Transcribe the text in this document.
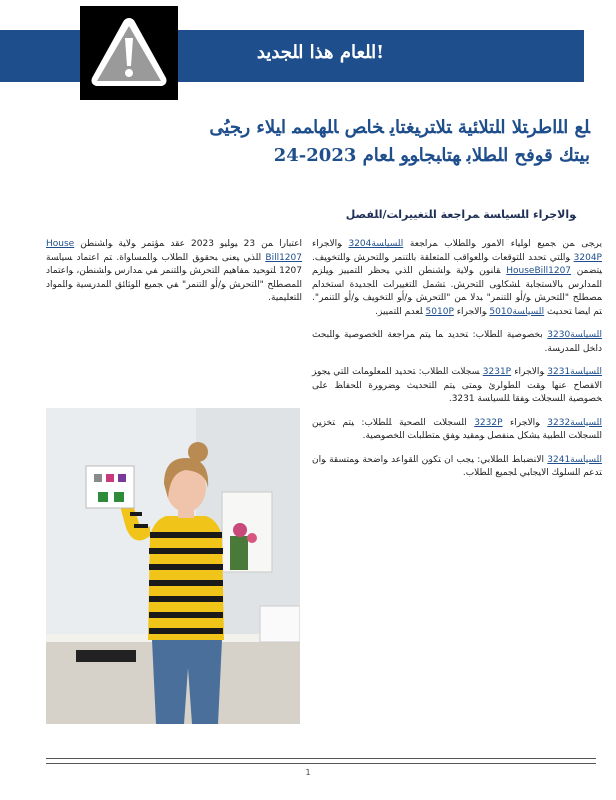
!ﺍﻠﻌﺎﻡ ﻫﺬﺍ ﺍﻠﺠﺪﻳﺪ
ﻠﻊ ﺍﻠﺍﻃﺮﺘﻼ ﺍﻠﺘﻼﺌﻴﺔ ﺘﻼﺘﺮﻴﻐﺘﺎﻳ ﺨﺎﺺ ﺎﻠﻬﺎﻤﻤ ﺍﻴﻠﺎﺀ ﺭﺠﻴُﻰ
ﺑﻴﺘﻚ ﻗﻮﻓﺢ ﺍﻠﻄﻼﺑ ﻬﺘﺎﺒﺠﺎﻮﻮ ﻠﻌﺎﻡ 2023-24
ﻮﺍﻻﺟﺮﺍﺀ ﺍﻠﺴﻴﺎﺴﺔ ﻤﺮﺍﺟﻌﺔ ﺍﻠﺘﻐﻴﻴﺮﺍﺖ/ﺍﻠﻔﺼﻞ

ﻳﺮﺠﻰ ﻤﻦ ﺠﻤﻴﻊ ﺍﻮﻠﻴﺎﺀ ﺍﻻﻤﻮﺭ ﻮﺍﻠﻄﻼﺏ ﻤﺮﺍﺠﻌﺔ ﺍﻠﺴﻴﺎﺴﺔ3204 ﻮﺍﻻﺠﺮﺍﺀ 3204P ﻮﺍﻠﺘﻲ ﺘﺤﺪﺪ ﺍﻠﺘﻮﻗﻌﺎﺕ ﻮﺍﻠﻌﻮﺍﻗﺐ ﺍﻠﻤﺘﻌﻠﻘﺔ ﺑﺎﻠﺘﻨﻤﺮ ﻮﺍﻠﺘﺤﺮﺶ ﻮﺍﻠﺘﺨﻮﻴﻒ. ﻴﺘﻀﻤﻦ HouseBill1207 ﻘﺎﻨﻮﻦ ﻮﻻﻴﺔ ﻮﺍﺸﻨﻄﻦ ﺍﻠﺬﻲ ﻴﺤﻈﺮ ﺍﻠﺘﻤﻴﻴﺰ ﻮﻴﻠﺰﻢ ﺍﻠﻤﺪﺍﺮﺱ ﺒﺎﻻﺴﺘﺠﺎﺒﺔ ﻠﺸﻜﺎﻮﻰ ﺍﻠﺘﺤﺮﺶ. ﺘﺸﻤﻞ ﺍﻠﺘﻐﻴﻴﺮﺍﺖ ﺍﻠﺠﺪﻴﺪﺓ ﺍﺴﺘﺨﺪﺍﻢ ﻤﺼﻄﻠﺢ "ﺍﻠﺘﺤﺮﺶ ﻮ/ﺃﻮ ﺍﻠﺘﻨﻤﺮ" ﺒﺪﻻ ﻤﻦ "ﺍﻠﺘﺤﺮﺶ ﻮ/ﺃﻮ ﺍﻠﺘﺨﻮﻴﻒ ﻮ/ﺃﻮ ﺍﻠﺘﻨﻤﺮ". ﺘﻢ ﺍﻴﻀﺎ ﺘﺤﺪﻴﺚ ﺍﻠﺴﻴﺎﺴﺔ5010 ﻮﺍﻻﺠﺮﺍﺀ 5010P ﻠﻌﺪﻢ ﺍﻠﺘﻤﻴﻴﺰ.

ﺍﻠﺴﻴﺎﺴﺔ3230 ﺑﺨﺼﻮﺻﻴﺔ ﺍﻠﻄﻼﺏ: ﺘﺤﺪﻳﺪ ﻤﺎ ﻴﺘﻢ ﻤﺮﺍﺟﻌﺔ ﺍﻠﺨﺼﻮﺻﻴﺔ ﻮﺍﻠﺒﺤﺚ ﺩﺍﺨﻞ ﺍﻠﻤﺪﺭﺴﺔ.

ﺍﻠﺴﻴﺎﺴﺔ3231 ﻮﺍﻻﺠﺮﺍﺀ 3231P ﺴﺠﻼﺖ ﺍﻠﻄﻼﺏ: ﺘﺤﺪﻴﺪ ﺍﻠﻤﻌﻠﻮﻤﺎﺖ ﺍﻠﺘﻲ ﻴﺠﻮﺰ ﺍﻻﻔﺼﺎﺡ ﻋﻨﻬﺎ ﻮﻘﺖ ﺍﻠﻄﻮﺍﺮﺉ ﻮﻤﺘﻰ ﻴﺘﻢ ﺍﻠﺘﺤﺪﻴﺚ ﻮﻀﺮﻮﺮﺓ ﺍﻠﺤﻔﺎﻆ ﻋﻠﻰ ﺨﺼﻮﺼﻴﺔ ﺍﻠﺴﺠﻼﺖ ﻮﻔﻘﺎ ﻠﻠﺴﻴﺎﺴﺔ 3231.

ﺍﻠﺴﻴﺎﺴﺔ3232 ﻮﺍﻻﺠﺮﺍﺀ 3232P ﺍﻠﺴﺠﻼﺖ ﺍﻠﺼﺤﻴﺔ ﻠﻠﻄﻼﺏ: ﻴﺘﻢ ﺘﺨﺰﻴﻦ ﺍﻠﺴﺠﻼﺖ ﺍﻠﻄﺒﻴﺔ ﺒﺸﻜﻞ ﻤﻨﻔﺼﻞ ﻮﻤﻘﻴﺪ ﻮﻔﻖ ﻤﺘﻄﻠﺒﺎﺖ ﺍﻠﺨﺼﻮﺼﻴﺔ.

ﺍﻠﺴﻴﺎﺴﺔ3241 ﺍﻻﻨﻀﺒﺎﻂ ﺍﻠﻄﻼﺑﻲ: ﻴﺠﺐ ﺍﻥ ﺘﻜﻮﻦ ﺍﻠﻘﻮﺍﻋﺪ ﻮﺍﺿﺤﺔ ﻮﻤﺘﺴﻘﺔ ﻮﺍﻥ ﺘﺪﻋﻢ ﺍﻠﺴﻠﻮﻚ ﺍﻻﻴﺠﺎﺒﻲ ﻠﺠﻤﻴﻊ ﺍﻠﻄﻼﺏ.

ﺍﻋﺘﺒﺎﺭﺍ ﻤﻦ 23 ﻴﻮﻠﻴﻮ 2023 ﻋﻘﺪ ﻤﺆﺘﻤﺮ ﻮﻻﻴﺔ ﻮﺍﺸﻨﻄﻦ House Bill1207 ﺍﻠﺬﻲ ﻴﻌﻨﻰ ﺒﺤﻘﻮﻖ ﺍﻠﻄﻼﺏ ﻮﺍﻠﻤﺴﺎﻮﺍﺓ. ﺘﻢ ﺍﻋﺘﻤﺎﺩ ﺴﻴﺎﺴﺔ 1207 ﻠﺘﻮﺤﻴﺪ ﻤﻔﺎﻫﻴﻢ ﺍﻠﺘﺤﺮﺶ ﻮﺍﻠﺘﻨﻤﺮ ﻔﻲ ﻤﺪﺍﺭﺱ ﻮﺍﺸﻨﻄﻦ، ﻮﺍﻋﺘﻤﺎﺩ ﺍﻠﻤﺼﻄﻠﺢ "ﺍﻠﺘﺤﺮﺶ ﻮ/ﺃﻮ ﺍﻠﺘﻨﻤﺮ" ﻔﻲ ﺠﻤﻴﻊ ﺍﻠﻮﺜﺎﺌﻖ ﺍﻠﻤﺪﺭﺴﻴﺔ ﻮﺍﻠﻤﻮﺍﺩ ﺍﻠﺘﻌﻠﻴﻤﻴﺔ.

1
